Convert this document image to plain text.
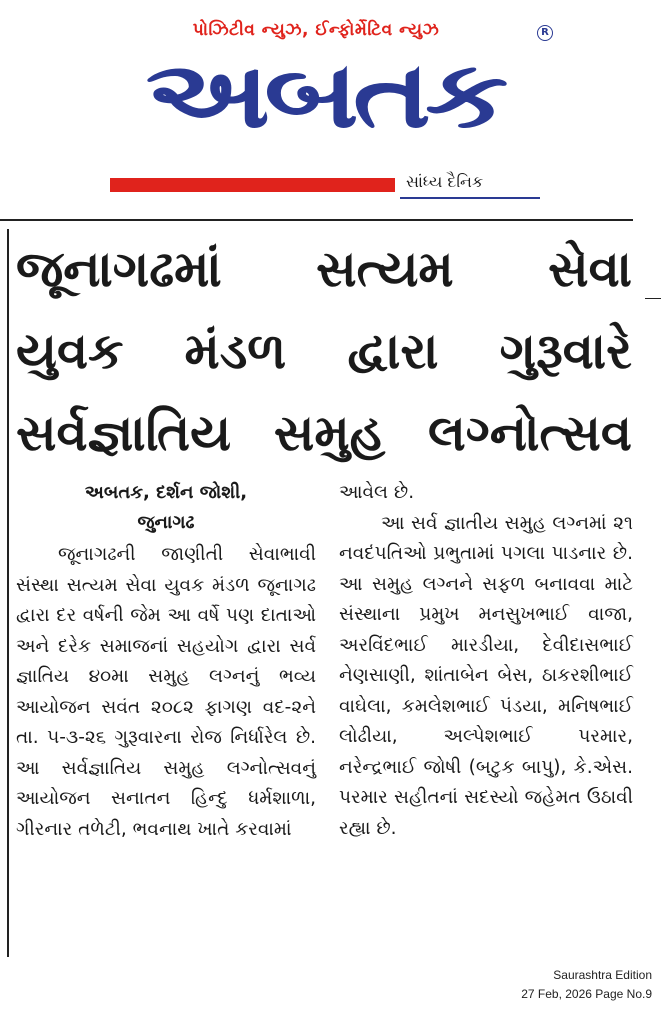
પોઝિટીવ ન્યુઝ, ઈન્ફોર્મેટિવ ન્યુઝ
અબતક
R
સાંધ્ય દૈનિક
જૂનાગઢમાં સત્યમ સેવા
યુવક મંડળ દ્વારા ગુરૂવારે
સર્વજ્ઞાતિય સમુહ લગ્નોત્સવ
અબતક, દર્શન જોશી,
જુનાગઢ

જૂનાગઢની જાણીતી સેવાભાવી સંસ્થા સત્યમ સેવા યુવક મંડળ જૂનાગઢ દ્વારા દર વર્ષની જેમ આ વર્ષે પણ દાતાઓ અને દરેક સમાજનાં સહયોગ દ્વારા સર્વ જ્ઞાતિય ૪૦મા સમુહ લગ્નનું ભવ્ય આયોજન સવંત ૨૦૮૨ ફાગણ વદ-૨ને તા. ૫-૩-૨૬ ગુરૂવારના રોજ નિર્ધારેલ છે. આ સર્વજ્ઞાતિય સમુહ લગ્નોત્સવનું આયોજન સનાતન હિન્દુ ધર્મશાળા, ગીરનાર તળેટી, ભવનાથ ખાતે કરવામાં

આવેલ છે.

આ સર્વ જ્ઞાતીય સમુહ લગ્નમાં ૨૧ નવદંપતિઓ પ્રભુતામાં પગલા પાડનાર છે. આ સમુહ લગ્નને સફળ બનાવવા માટે સંસ્થાના પ્રમુખ મનસુખભાઈ વાજા, અરવિંદભાઈ મારડીયા, દેવીદાસભાઈ નેણસાણી, શાંતાબેન બેસ, ઠાકરશીભાઈ વાઘેલા, કમલેશભાઈ પંડયા, મનિષભાઈ લોઢીયા, અલ્પેશભાઈ પરમાર, નરેન્દ્રભાઈ જોષી (બટુક બાપુ), કે.એસ. પરમાર સહીતનાં સદસ્યો જહેમત ઉઠાવી રહ્યા છે.

Saurashtra Edition
27 Feb, 2026 Page No.9
